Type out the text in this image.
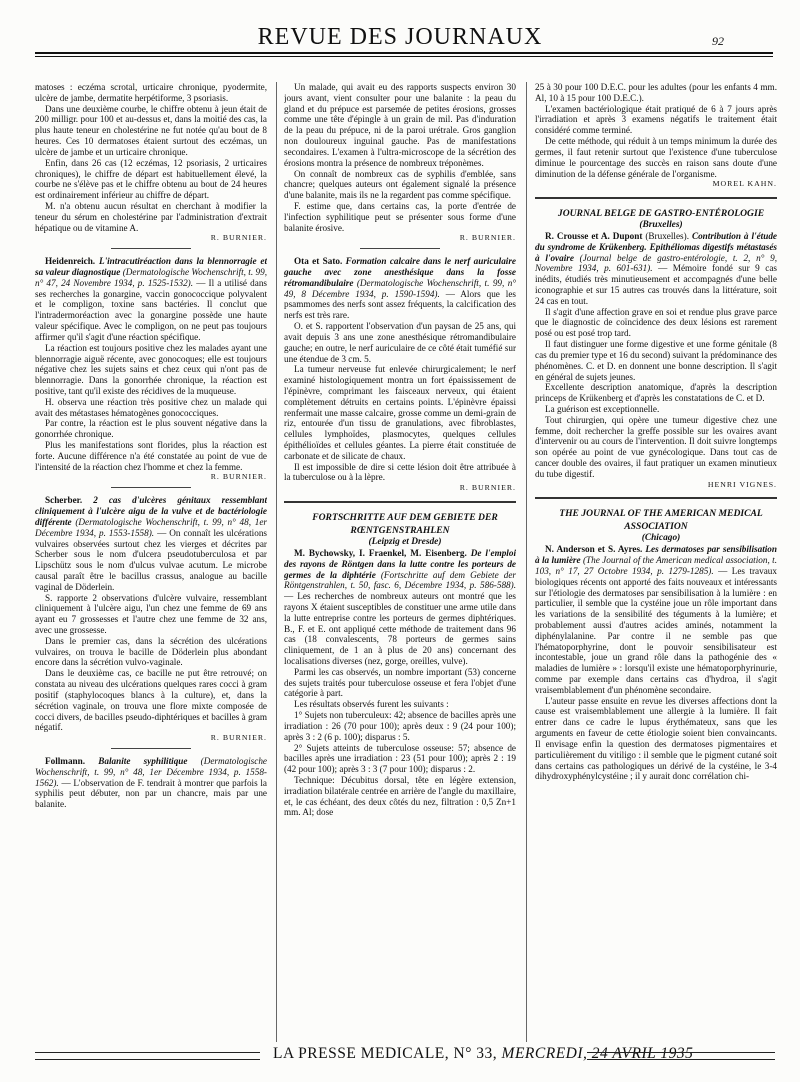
REVUE DES JOURNAUX	92

matoses : eczéma scrotal, urticaire chronique, pyodermite, ulcère de jambe, dermatite herpétiforme, 3 psoriasis.

Dans une deuxième courbe, le chiffre obtenu à jeun était de 200 milligr. pour 100 et au-dessus et, dans la moitié des cas, la plus haute teneur en cholestérine ne fut notée qu'au bout de 8 heures. Ces 10 dermatoses étaient surtout des eczémas, un ulcère de jambe et un urticaire chronique.

Enfin, dans 26 cas (12 eczémas, 12 psoriasis, 2 urticaires chroniques), le chiffre de départ est habituellement élevé, la courbe ne s'élève pas et le chiffre obtenu au bout de 24 heures est ordinairement inférieur au chiffre de départ.

M. n'a obtenu aucun résultat en cherchant à modifier la teneur du sérum en cholestérine par l'administration d'extrait hépatique ou de vitamine A.

R. BURNIER.

Heidenreich. L'intracutiréaction dans la blennorragie et sa valeur diagnostique (Dermatologische Wochenschrift, t. 99, n° 47, 24 Novembre 1934, p. 1525-1532). — Il a utilisé dans ses recherches la gonargine, vaccin gonococcique polyvalent et le compligon, toxine sans bactéries. Il conclut que l'intradermoréaction avec la gonargine possède une haute valeur spécifique. Avec le compligon, on ne peut pas toujours affirmer qu'il s'agit d'une réaction spécifique.

La réaction est toujours positive chez les malades ayant une blennorragie aiguë récente, avec gonocoques; elle est toujours négative chez les sujets sains et chez ceux qui n'ont pas de blennorragie. Dans la gonorrhée chronique, la réaction est positive, tant qu'il existe des récidives de la muqueuse.

H. observa une réaction très positive chez un malade qui avait des métastases hématogènes gonococciques.

Par contre, la réaction est le plus souvent négative dans la gonorrhée chronique.

Plus les manifestations sont florides, plus la réaction est forte. Aucune différence n'a été constatée au point de vue de l'intensité de la réaction chez l'homme et chez la femme.

R. BURNIER.

Scherber. 2 cas d'ulcères génitaux ressemblant cliniquement à l'ulcère aigu de la vulve et de bactériologie différente (Dermatologische Wochenschrift, t. 99, n° 48, 1er Décembre 1934, p. 1553-1558). — On connaît les ulcérations vulvaires observées surtout chez les vierges et décrites par Scherber sous le nom d'ulcera pseudotuberculosa et par Lipschütz sous le nom d'ulcus vulvae acutum. Le microbe causal paraît être le bacillus crassus, analogue au bacille vaginal de Döderlein.

S. rapporte 2 observations d'ulcère vulvaire, ressemblant cliniquement à l'ulcère aigu, l'un chez une femme de 69 ans ayant eu 7 grossesses et l'autre chez une femme de 32 ans, avec une grossesse.

Dans le premier cas, dans la sécrétion des ulcérations vulvaires, on trouva le bacille de Döderlein plus abondant encore dans la sécrétion vulvo-vaginale.

Dans le deuxième cas, ce bacille ne put être retrouvé; on constata au niveau des ulcérations quelques rares cocci à gram positif (staphylocoques blancs à la culture), et, dans la sécrétion vaginale, on trouva une flore mixte composée de cocci divers, de bacilles pseudo-diphtériques et bacilles à gram négatif.

R. BURNIER.

Follmann. Balanite syphilitique (Dermatologische Wochenschrift, t. 99, n° 48, 1er Décembre 1934, p. 1558-1562). — L'observation de F. tendrait à montrer que parfois la syphilis peut débuter, non par un chancre, mais par une balanite.

Un malade, qui avait eu des rapports suspects environ 30 jours avant, vient consulter pour une balanite : la peau du gland et du prépuce est parsemée de petites érosions, grosses comme une tête d'épingle à un grain de mil. Pas d'induration de la peau du prépuce, ni de la paroi urétrale. Gros ganglion non douloureux inguinal gauche. Pas de manifestations secondaires. L'examen à l'ultra-microscope de la sécrétion des érosions montra la présence de nombreux tréponèmes.

On connaît de nombreux cas de syphilis d'emblée, sans chancre; quelques auteurs ont également signalé la présence d'une balanite, mais ils ne la regardent pas comme spécifique.

F. estime que, dans certains cas, la porte d'entrée de l'infection syphilitique peut se présenter sous forme d'une balanite érosive.

R. BURNIER.

Ota et Sato. Formation calcaire dans le nerf auriculaire gauche avec zone anesthésique dans la fosse rétromandibulaire (Dermatologische Wochenschrift, t. 99, n° 49, 8 Décembre 1934, p. 1590-1594). — Alors que les psammomes des nerfs sont assez fréquents, la calcification des nerfs est très rare.

O. et S. rapportent l'observation d'un paysan de 25 ans, qui avait depuis 3 ans une zone anesthésique rétromandibulaire gauche; en outre, le nerf auriculaire de ce côté était tuméfié sur une étendue de 3 cm. 5.

La tumeur nerveuse fut enlevée chirurgicalement; le nerf examiné histologiquement montra un fort épaississement de l'épinèvre, comprimant les faisceaux nerveux, qui étaient complètement détruits en certains points. L'épinèvre épaissi renfermait une masse calcaire, grosse comme un demi-grain de riz, entourée d'un tissu de granulations, avec fibroblastes, cellules lymphoïdes, plasmocytes, quelques cellules épithélioïdes et cellules géantes. La pierre était constituée de carbonate et de silicate de chaux.

Il est impossible de dire si cette lésion doit être attribuée à la tuberculose ou à la lèpre.

R. BURNIER.

FORTSCHRITTE AUF DEM GEBIETE DER RŒNTGENSTRAHLEN

(Leipzig et Dresde)

M. Bychowsky, I. Fraenkel, M. Eisenberg. De l'emploi des rayons de Röntgen dans la lutte contre les porteurs de germes de la diphtérie (Fortschritte auf dem Gebiete der Röntgenstrahlen, t. 50, fasc. 6, Décembre 1934, p. 586-588). — Les recherches de nombreux auteurs ont montré que les rayons X étaient susceptibles de constituer une arme utile dans la lutte entreprise contre les porteurs de germes diphtériques. B., F. et E. ont appliqué cette méthode de traitement dans 96 cas (18 convalescents, 78 porteurs de germes sains cliniquement, de 1 an à plus de 20 ans) concernant des localisations diverses (nez, gorge, oreilles, vulve).

Parmi les cas observés, un nombre important (53) concerne des sujets traités pour tuberculose osseuse et fera l'objet d'une catégorie à part.

Les résultats observés furent les suivants :

1° Sujets non tuberculeux: 42; absence de bacilles après une irradiation : 26 (70 pour 100); après deux : 9 (24 pour 100); après 3 : 2 (6 p. 100); disparus : 5.

2° Sujets atteints de tuberculose osseuse: 57; absence de bacilles après une irradiation : 23 (51 pour 100); après 2 : 19 (42 pour 100); après 3 : 3 (7 pour 100); disparus : 2.

Technique: Décubitus dorsal, tête en légère extension, irradiation bilatérale centrée en arrière de l'angle du maxillaire, et, le cas échéant, des deux côtés du nez, filtration : 0,5 Zn+1 mm. Al; dose

25 à 30 pour 100 D.E.C. pour les adultes (pour les enfants 4 mm. Al, 10 à 15 pour 100 D.E.C.).

L'examen bactériologique était pratiqué de 6 à 7 jours après l'irradiation et après 3 examens négatifs le traitement était considéré comme terminé.

De cette méthode, qui réduit à un temps minimum la durée des germes, il faut retenir surtout que l'existence d'une tuberculose diminue le pourcentage des succès en raison sans doute d'une diminution de la défense générale de l'organisme.

MOREL KAHN.

JOURNAL BELGE DE GASTRO-ENTÉROLOGIE

(Bruxelles)

R. Crousse et A. Dupont (Bruxelles). Contribution à l'étude du syndrome de Krükenberg. Epithéliomas digestifs métastasés à l'ovaire (Journal belge de gastro-entérologie, t. 2, n° 9, Novembre 1934, p. 601-631). — Mémoire fondé sur 9 cas inédits, étudiés très minutieusement et accompagnés d'une belle iconographie et sur 15 autres cas trouvés dans la littérature, soit 24 cas en tout.

Il s'agit d'une affection grave en soi et rendue plus grave parce que le diagnostic de coïncidence des deux lésions est rarement posé ou est posé trop tard.

Il faut distinguer une forme digestive et une forme génitale (8 cas du premier type et 16 du second) suivant la prédominance des phénomènes. C. et D. en donnent une bonne description. Il s'agit en général de sujets jeunes.

Excellente description anatomique, d'après la description princeps de Krükenberg et d'après les constatations de C. et D.

La guérison est exceptionnelle.

Tout chirurgien, qui opère une tumeur digestive chez une femme, doit rechercher la greffe possible sur les ovaires avant d'intervenir ou au cours de l'intervention. Il doit suivre longtemps son opérée au point de vue gynécologique. Dans tout cas de cancer double des ovaires, il faut pratiquer un examen minutieux du tube digestif.

HENRI VIGNES.

THE JOURNAL OF THE AMERICAN MEDICAL ASSOCIATION

(Chicago)

N. Anderson et S. Ayres. Les dermatoses par sensibilisation à la lumière (The Journal of the American medical association, t. 103, n° 17, 27 Octobre 1934, p. 1279-1285). — Les travaux biologiques récents ont apporté des faits nouveaux et intéressants sur l'étiologie des dermatoses par sensibilisation à la lumière : en particulier, il semble que la cystéine joue un rôle important dans les variations de la sensibilité des téguments à la lumière; et probablement aussi d'autres acides aminés, notamment la diphénylalanine. Par contre il ne semble pas que l'hématoporphyrine, dont le pouvoir sensibilisateur est incontestable, joue un grand rôle dans la pathogénie des « maladies de lumière » : lorsqu'il existe une hématoporphyrinurie, comme par exemple dans certains cas d'hydroa, il s'agit vraisemblablement d'un phénomène secondaire.

L'auteur passe ensuite en revue les diverses affections dont la cause est vraisemblablement une allergie à la lumière. Il fait entrer dans ce cadre le lupus érythémateux, sans que les arguments en faveur de cette étiologie soient bien convaincants. Il envisage enfin la question des dermatoses pigmentaires et particulièrement du vitiligo : il semble que le pigment cutané soit dans certains cas pathologiques un dérivé de la cystéine, le 3-4 dihydroxyphénylcystéine ; il y aurait donc corrélation chi-

LA PRESSE MEDICALE, N° 33, MERCREDI, 24 AVRIL 1935
